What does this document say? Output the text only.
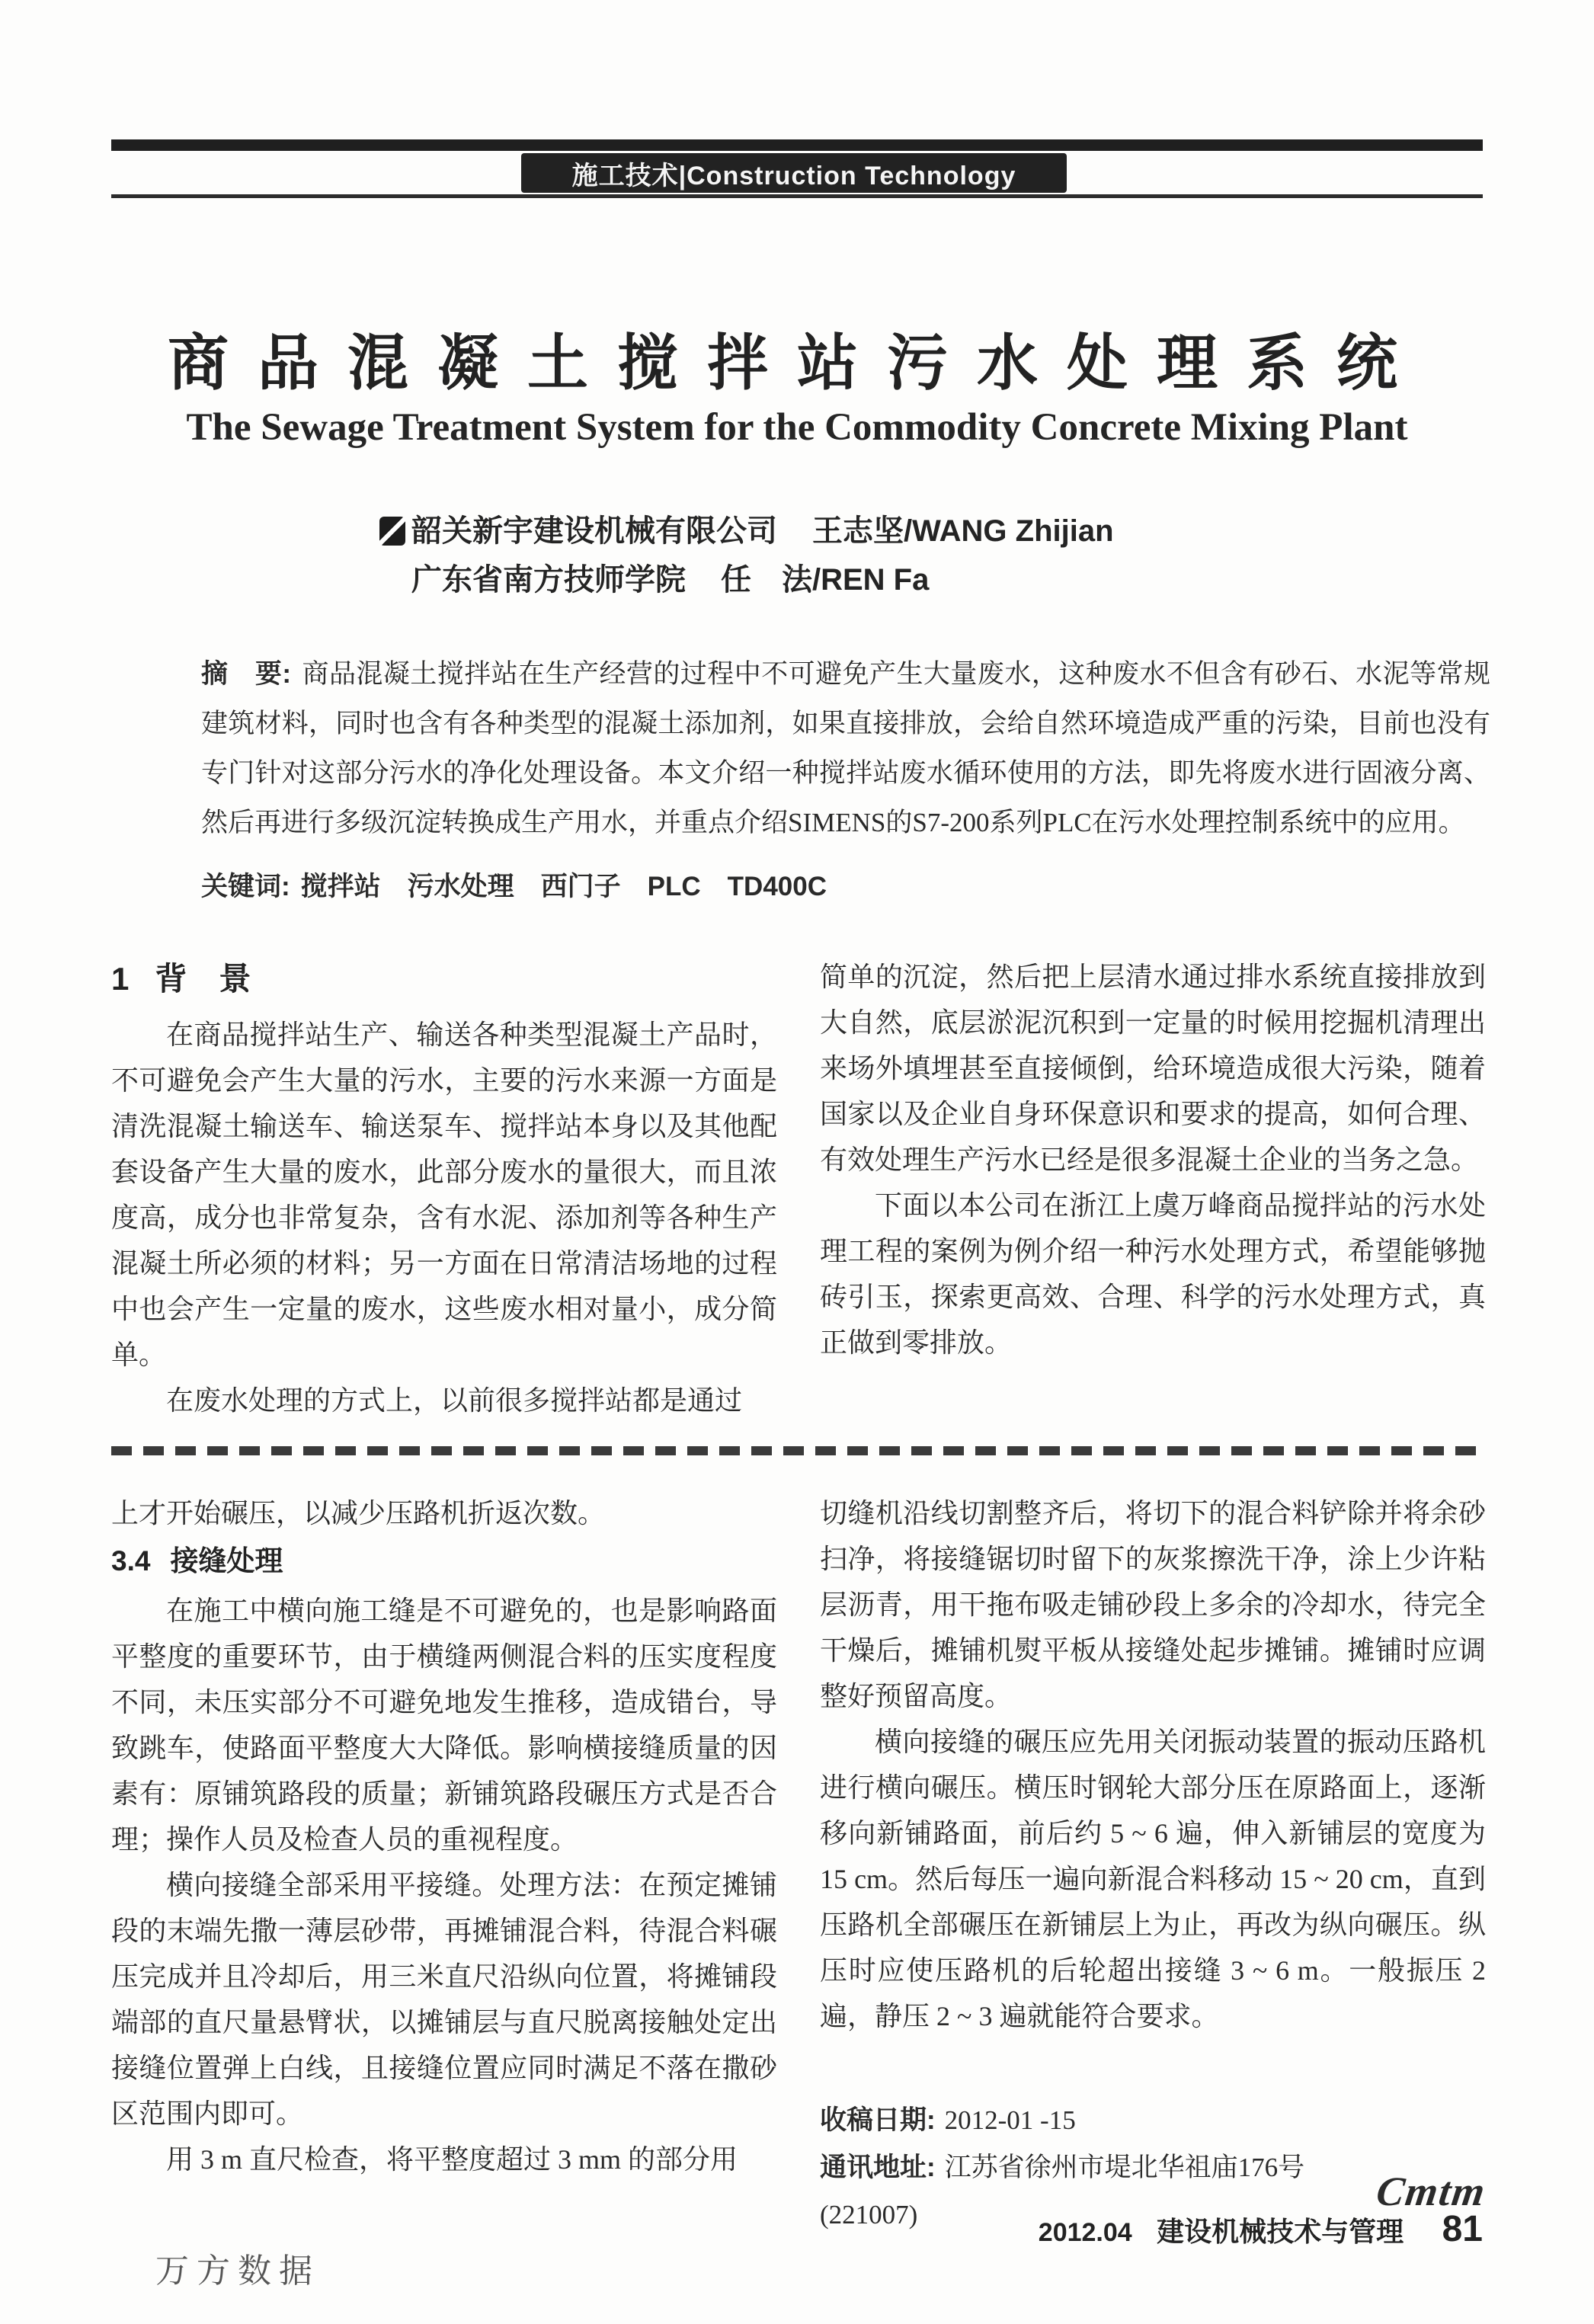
施工技术|Construction Technology
商品混凝土搅拌站污水处理系统
The Sewage Treatment System for the Commodity Concrete Mixing Plant
韶关新宇建设机械有限公司 王志坚/WANG Zhijian
广东省南方技师学院 任　法/REN Fa
摘　要: 商品混凝土搅拌站在生产经营的过程中不可避免产生大量废水，这种废水不但含有砂石、水泥等常规建筑材料，同时也含有各种类型的混凝土添加剂，如果直接排放，会给自然环境造成严重的污染，目前也没有专门针对这部分污水的净化处理设备。本文介绍一种搅拌站废水循环使用的方法，即先将废水进行固液分离、然后再进行多级沉淀转换成生产用水，并重点介绍SIMENS的S7-200系列PLC在污水处理控制系统中的应用。
关键词: 搅拌站　污水处理　西门子　PLC　TD400C
1 背　景

在商品搅拌站生产、输送各种类型混凝土产品时，不可避免会产生大量的污水，主要的污水来源一方面是清洗混凝土输送车、输送泵车、搅拌站本身以及其他配套设备产生大量的废水，此部分废水的量很大，而且浓度高，成分也非常复杂，含有水泥、添加剂等各种生产混凝土所必须的材料；另一方面在日常清洁场地的过程中也会产生一定量的废水，这些废水相对量小，成分简单。

在废水处理的方式上，以前很多搅拌站都是通过

简单的沉淀，然后把上层清水通过排水系统直接排放到大自然，底层淤泥沉积到一定量的时候用挖掘机清理出来场外填埋甚至直接倾倒，给环境造成很大污染，随着国家以及企业自身环保意识和要求的提高，如何合理、有效处理生产污水已经是很多混凝土企业的当务之急。

下面以本公司在浙江上虞万峰商品搅拌站的污水处理工程的案例为例介绍一种污水处理方式，希望能够抛砖引玉，探索更高效、合理、科学的污水处理方式，真正做到零排放。

上才开始碾压，以减少压路机折返次数。

3.4 接缝处理

在施工中横向施工缝是不可避免的，也是影响路面平整度的重要环节，由于横缝两侧混合料的压实度程度不同，未压实部分不可避免地发生推移，造成错台，导致跳车，使路面平整度大大降低。影响横接缝质量的因素有：原铺筑路段的质量；新铺筑路段碾压方式是否合理；操作人员及检查人员的重视程度。

横向接缝全部采用平接缝。处理方法：在预定摊铺段的末端先撒一薄层砂带，再摊铺混合料，待混合料碾压完成并且冷却后，用三米直尺沿纵向位置，将摊铺段端部的直尺量悬臂状，以摊铺层与直尺脱离接触处定出接缝位置弹上白线，且接缝位置应同时满足不落在撒砂区范围内即可。

用 3 m 直尺检查，将平整度超过 3 mm 的部分用

切缝机沿线切割整齐后，将切下的混合料铲除并将余砂扫净，将接缝锯切时留下的灰浆擦洗干净，涂上少许粘层沥青，用干拖布吸走铺砂段上多余的冷却水，待完全干燥后，摊铺机熨平板从接缝处起步摊铺。摊铺时应调整好预留高度。

横向接缝的碾压应先用关闭振动装置的振动压路机进行横向碾压。横压时钢轮大部分压在原路面上，逐渐移向新铺路面，前后约 5 ~ 6 遍，伸入新铺层的宽度为 15 cm。然后每压一遍向新混合料移动 15 ~ 20 cm，直到压路机全部碾压在新铺层上为止，再改为纵向碾压。纵压时应使压路机的后轮超出接缝 3 ~ 6 m。一般振压 2 遍，静压 2 ~ 3 遍就能符合要求。

收稿日期: 2012-01 -15
通讯地址: 江苏省徐州市堤北华祖庙176号(221007)
Cmtm
2012.04 建设机械技术与管理 81
万方数据
